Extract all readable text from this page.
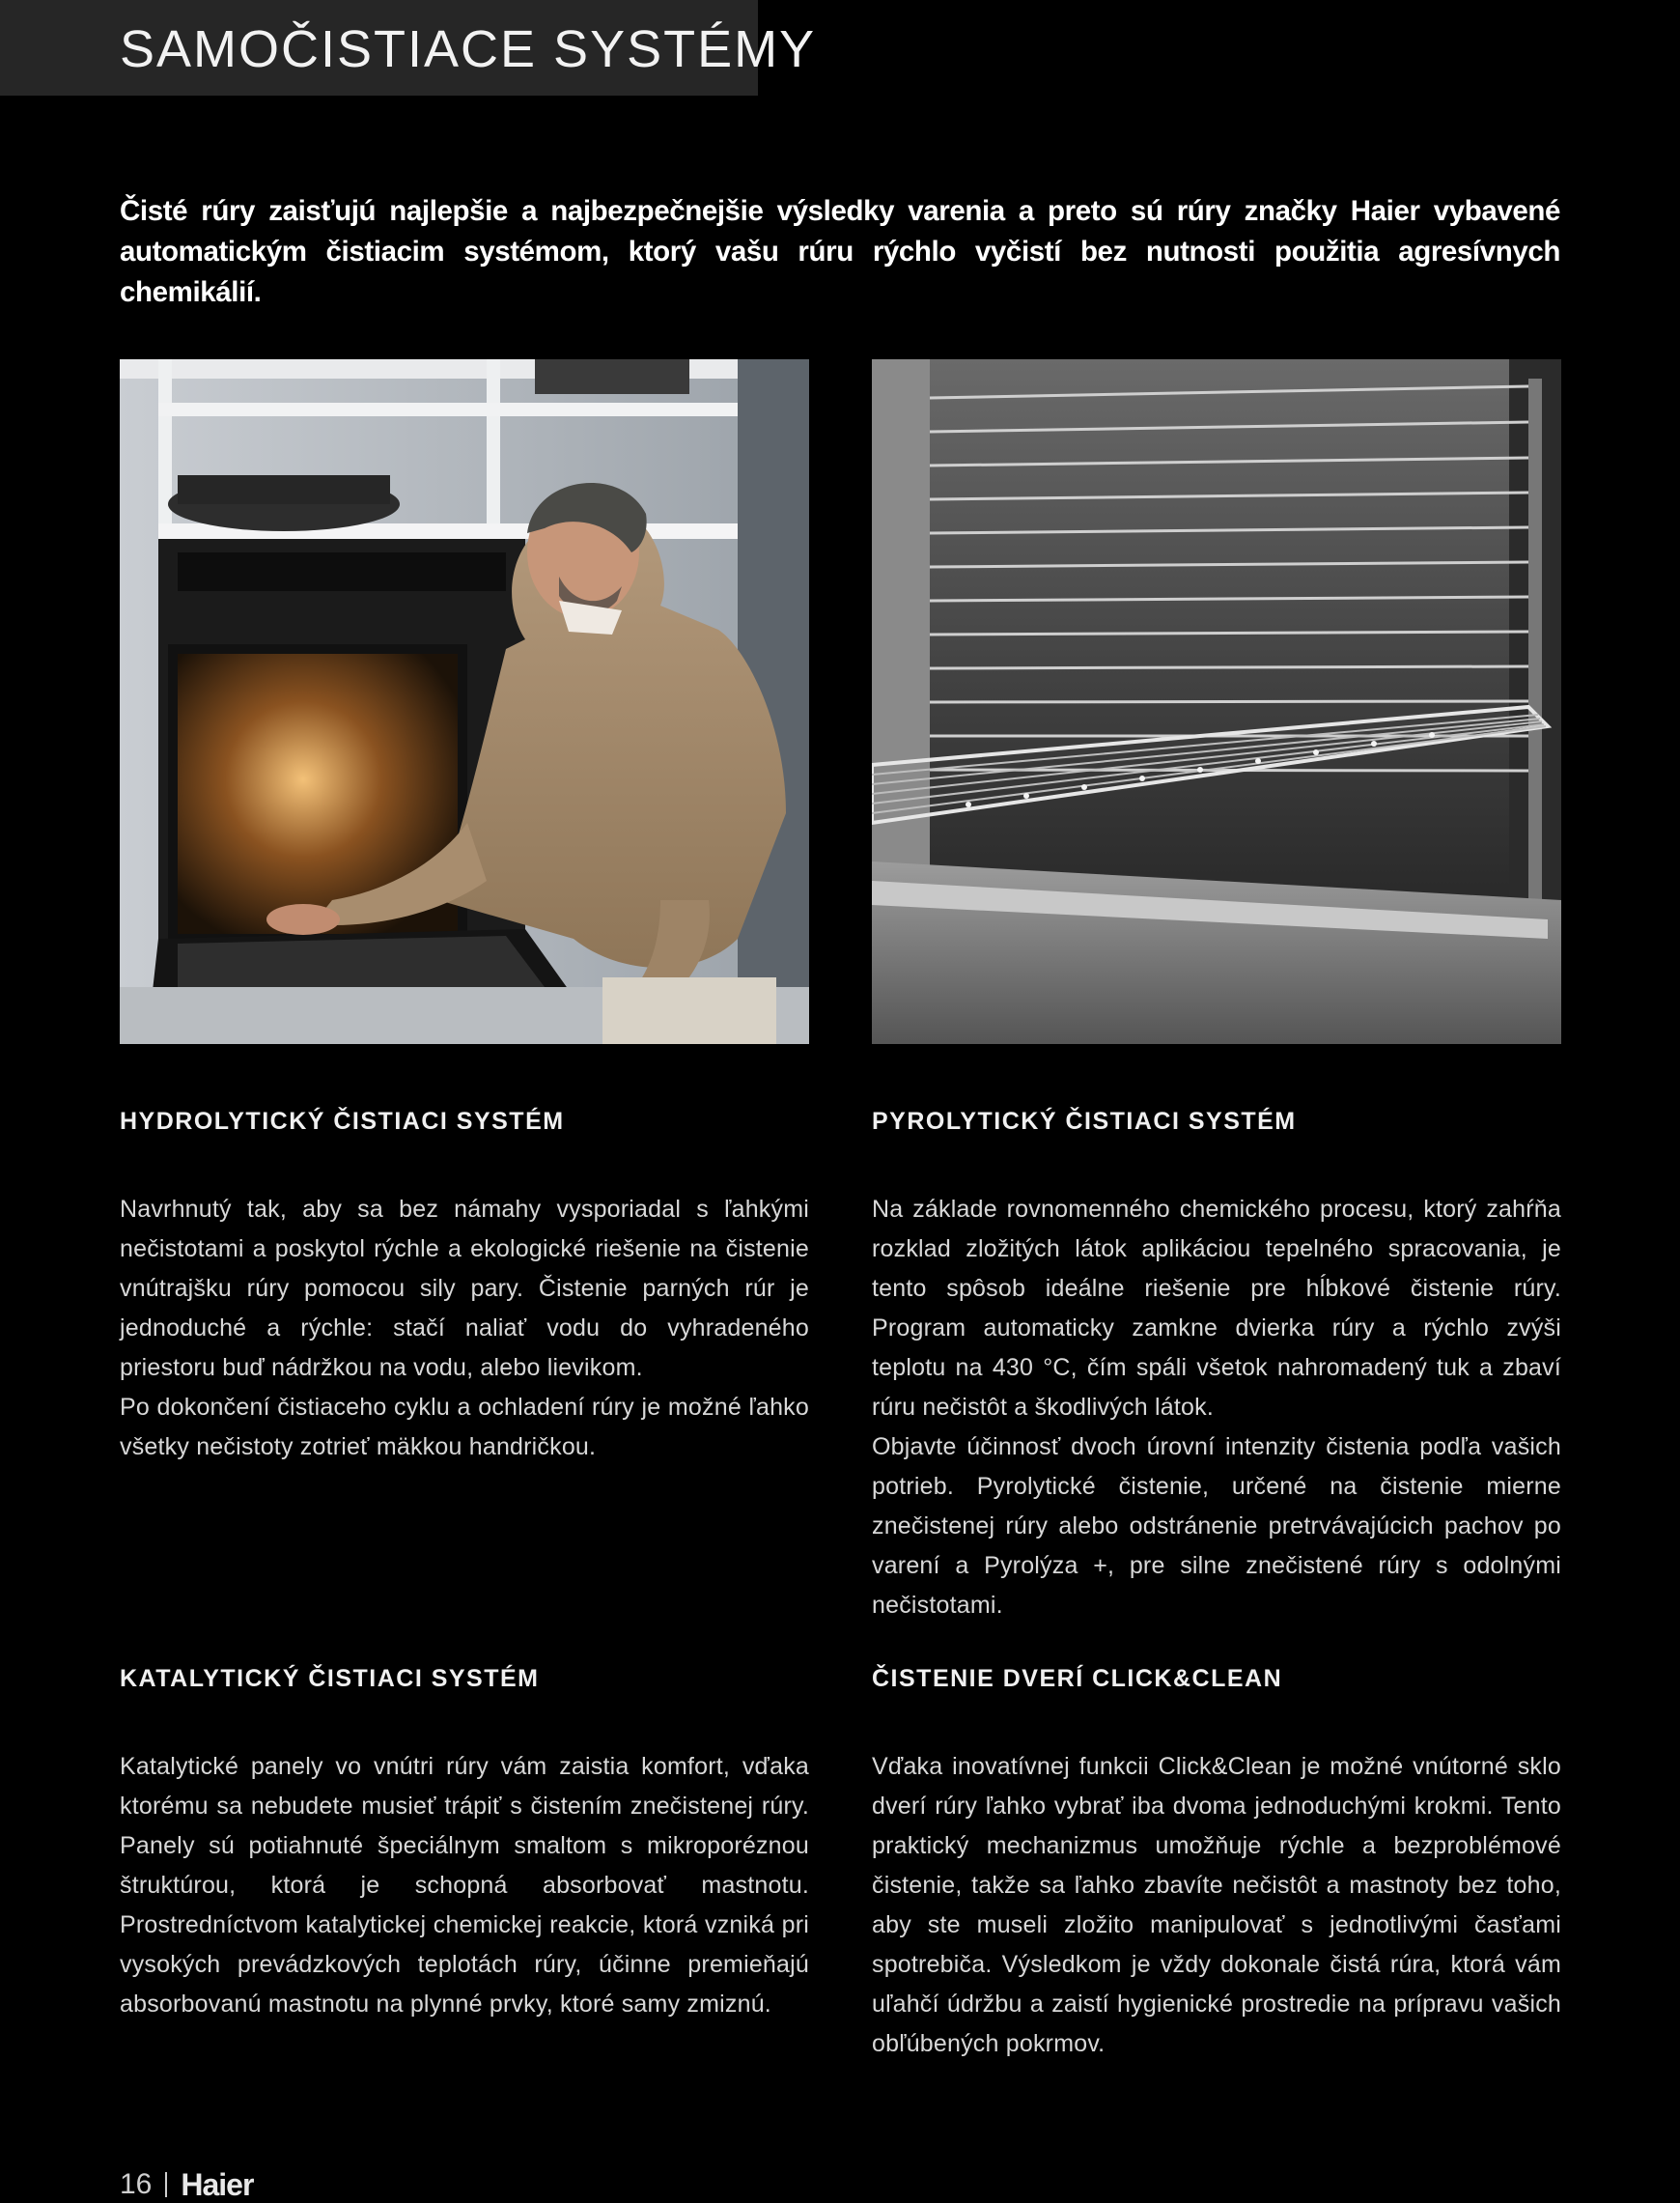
SAMOČISTIACE SYSTÉMY
Čisté rúry zaisťujú najlepšie a najbezpečnejšie výsledky varenia a preto sú rúry značky Haier vybavené automatickým čistiacim systémom, ktorý vašu rúru rýchlo vyčistí bez nutnosti použitia agresívnych chemikálií.
HYDROLYTICKÝ ČISTIACI SYSTÉM

Navrhnutý tak, aby sa bez námahy vysporiadal s ľahkými nečistotami a poskytol rýchle a ekologické riešenie na čistenie vnútrajšku rúry pomocou sily pary. Čistenie parných rúr je jednoduché a rýchle: stačí naliať vodu do vyhradeného priestoru buď nádržkou na vodu, alebo lievikom.

Po dokončení čistiaceho cyklu a ochladení rúry je možné ľahko všetky nečistoty zotrieť mäkkou handričkou.

PYROLYTICKÝ ČISTIACI SYSTÉM

Na základe rovnomenného chemického procesu, ktorý zahŕňa rozklad zložitých látok aplikáciou tepelného spracovania, je tento spôsob ideálne riešenie pre hĺbkové čistenie rúry. Program automaticky zamkne dvierka rúry a rýchlo zvýši teplotu na 430 °C, čím spáli všetok nahromadený tuk a zbaví rúru nečistôt a škodlivých látok.

Objavte účinnosť dvoch úrovní intenzity čistenia podľa vašich potrieb. Pyrolytické čistenie, určené na čistenie mierne znečistenej rúry alebo odstránenie pretrvávajúcich pachov po varení a Pyrolýza +, pre silne znečistené rúry s odolnými nečistotami.

KATALYTICKÝ ČISTIACI SYSTÉM

Katalytické panely vo vnútri rúry vám zaistia komfort, vďaka ktorému sa nebudete musieť trápiť s čistením znečistenej rúry. Panely sú potiahnuté špeciálnym smaltom s mikroporéznou štruktúrou, ktorá je schopná absorbovať mastnotu. Prostredníctvom katalytickej chemickej reakcie, ktorá vzniká pri vysokých prevádzkových teplotách rúry, účinne premieňajú absorbovanú mastnotu na plynné prvky, ktoré samy zmiznú.

ČISTENIE DVERÍ CLICK&CLEAN

Vďaka inovatívnej funkcii Click&Clean je možné vnútorné sklo dverí rúry ľahko vybrať iba dvoma jednoduchými krokmi. Tento praktický mechanizmus umožňuje rýchle a bezproblémové čistenie, takže sa ľahko zbavíte nečistôt a mastnoty bez toho, aby ste museli zložito manipulovať s jednotlivými časťami spotrebiča. Výsledkom je vždy dokonale čistá rúra, ktorá vám uľahčí údržbu a zaistí hygienické prostredie na prípravu vašich obľúbených pokrmov.

16 Haier
